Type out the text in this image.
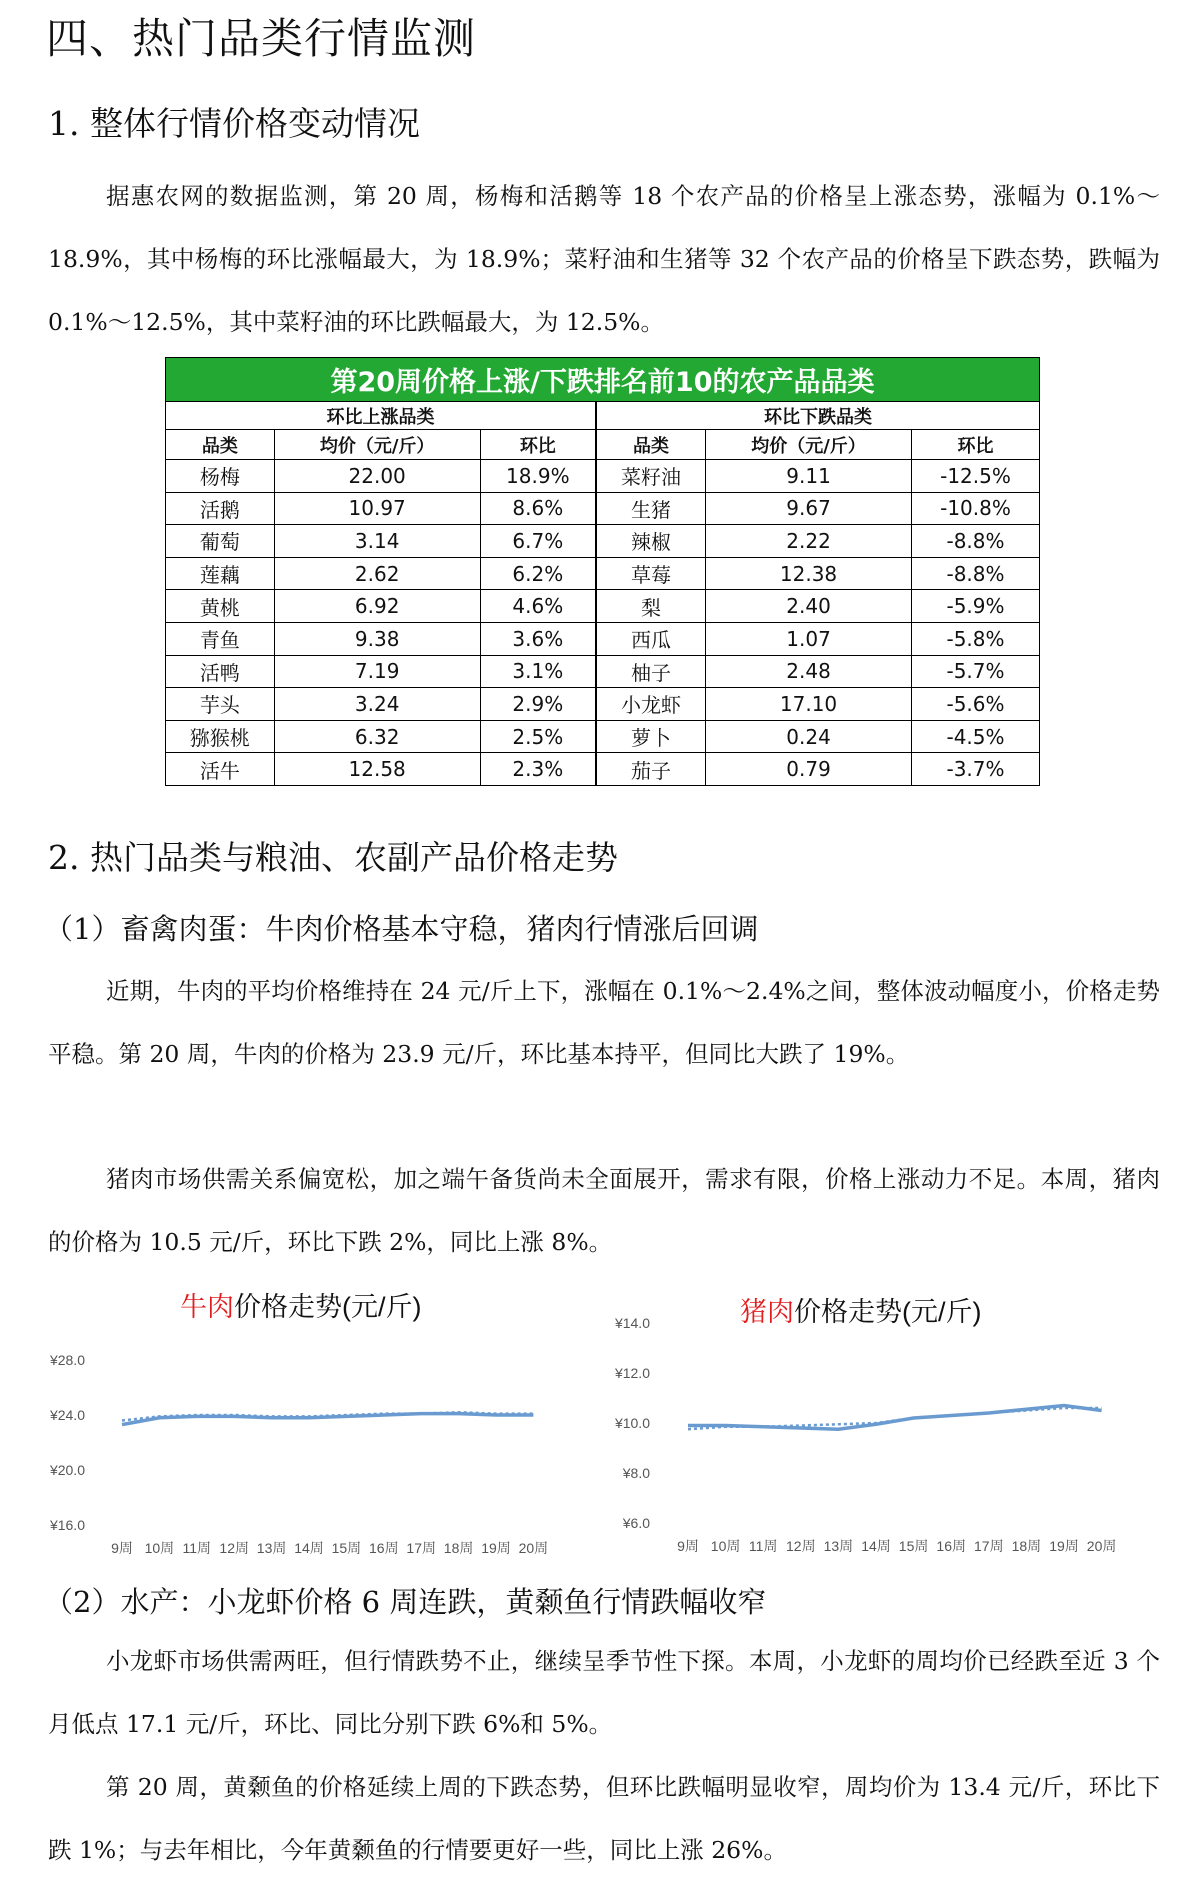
四、热门品类行情监测
1. 整体行情价格变动情况

据惠农网的数据监测，第 20 周，杨梅和活鹅等 18 个农产品的价格呈上涨态势，涨幅为 0.1%～18.9%，其中杨梅的环比涨幅最大，为 18.9%；菜籽油和生猪等 32 个农产品的价格呈下跌态势，跌幅为 0.1%～12.5%，其中菜籽油的环比跌幅最大，为 12.5%。

第20周价格上涨/下跌排名前10的农产品品类					
环比上涨品类			环比下跌品类		
品类	均价（元/斤）	环比	品类	均价（元/斤）	环比
杨梅	22.00	18.9%	菜籽油	9.11	-12.5%
活鹅	10.97	8.6%	生猪	9.67	-10.8%
葡萄	3.14	6.7%	辣椒	2.22	-8.8%
莲藕	2.62	6.2%	草莓	12.38	-8.8%
黄桃	6.92	4.6%	梨	2.40	-5.9%
青鱼	9.38	3.6%	西瓜	1.07	-5.8%
活鸭	7.19	3.1%	柚子	2.48	-5.7%
芋头	3.24	2.9%	小龙虾	17.10	-5.6%
猕猴桃	6.32	2.5%	萝卜	0.24	-4.5%
活牛	12.58	2.3%	茄子	0.79	-3.7%
2. 热门品类与粮油、农副产品价格走势
（1）畜禽肉蛋：牛肉价格基本守稳，猪肉行情涨后回调

近期，牛肉的平均价格维持在 24 元/斤上下，涨幅在 0.1%～2.4%之间，整体波动幅度小，价格走势平稳。第 20 周，牛肉的价格为 23.9 元/斤，环比基本持平，但同比大跌了 19%。

猪肉市场供需关系偏宽松，加之端午备货尚未全面展开，需求有限，价格上涨动力不足。本周，猪肉的价格为 10.5 元/斤，环比下跌 2%，同比上涨 8%。

牛肉价格走势(元/斤)
¥16.0
¥20.0
¥24.0
¥28.0
9周 10周 11周 12周 13周 14周 15周 16周 17周 18周 19周 20周
猪肉价格走势(元/斤)
¥6.0
¥8.0
¥10.0
¥12.0
¥14.0
9周 10周 11周 12周 13周 14周 15周 16周 17周 18周 19周 20周
（2）水产：小龙虾价格 6 周连跌，黄颡鱼行情跌幅收窄

小龙虾市场供需两旺，但行情跌势不止，继续呈季节性下探。本周，小龙虾的周均价已经跌至近 3 个月低点 17.1 元/斤，环比、同比分别下跌 6%和 5%。

第 20 周，黄颡鱼的价格延续上周的下跌态势，但环比跌幅明显收窄，周均价为 13.4 元/斤，环比下跌 1%；与去年相比，今年黄颡鱼的行情要更好一些，同比上涨 26%。
